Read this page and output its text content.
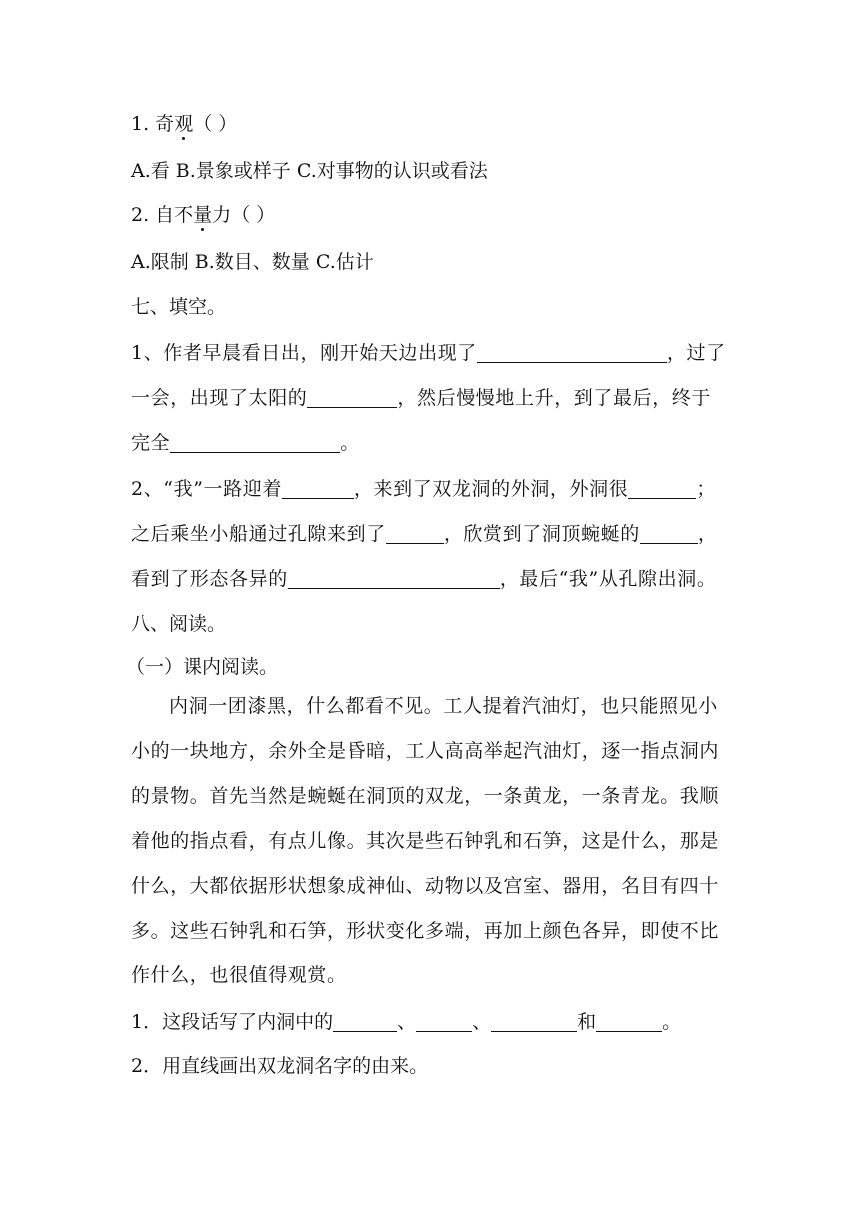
1. 奇观（ ）
A.看 B.景象或样子 C.对事物的认识或看法
2. 自不量力（ ）
A.限制 B.数目、数量 C.估计
七、填空。
1、作者早晨看日出，刚开始天边出现了	，过了
一会，出现了太阳的	，然后慢慢地上升，到了最后，终于
完全	。
2、“我”一路迎着	，来到了双龙洞的外洞，外洞很	；
之后乘坐小船通过孔隙来到了	，欣赏到了洞顶蜿蜒的	，
看到了形态各异的	，最后“我”从孔隙出洞。
八、阅读。
（一）课内阅读。
内洞一团漆黑，什么都看不见。工人提着汽油灯，也只能照见小
小的一块地方，余外全是昏暗，工人高高举起汽油灯，逐一指点洞内
的景物。首先当然是蜿蜒在洞顶的双龙，一条黄龙，一条青龙。我顺
着他的指点看，有点儿像。其次是些石钟乳和石笋，这是什么，那是
什么，大都依据形状想象成神仙、动物以及宫室、器用，名目有四十
多。这些石钟乳和石笋，形状变化多端，再加上颜色各异，即使不比
作什么，也很值得观赏。
1．这段话写了内洞中的	、	、	和	。
2．用直线画出双龙洞名字的由来。
